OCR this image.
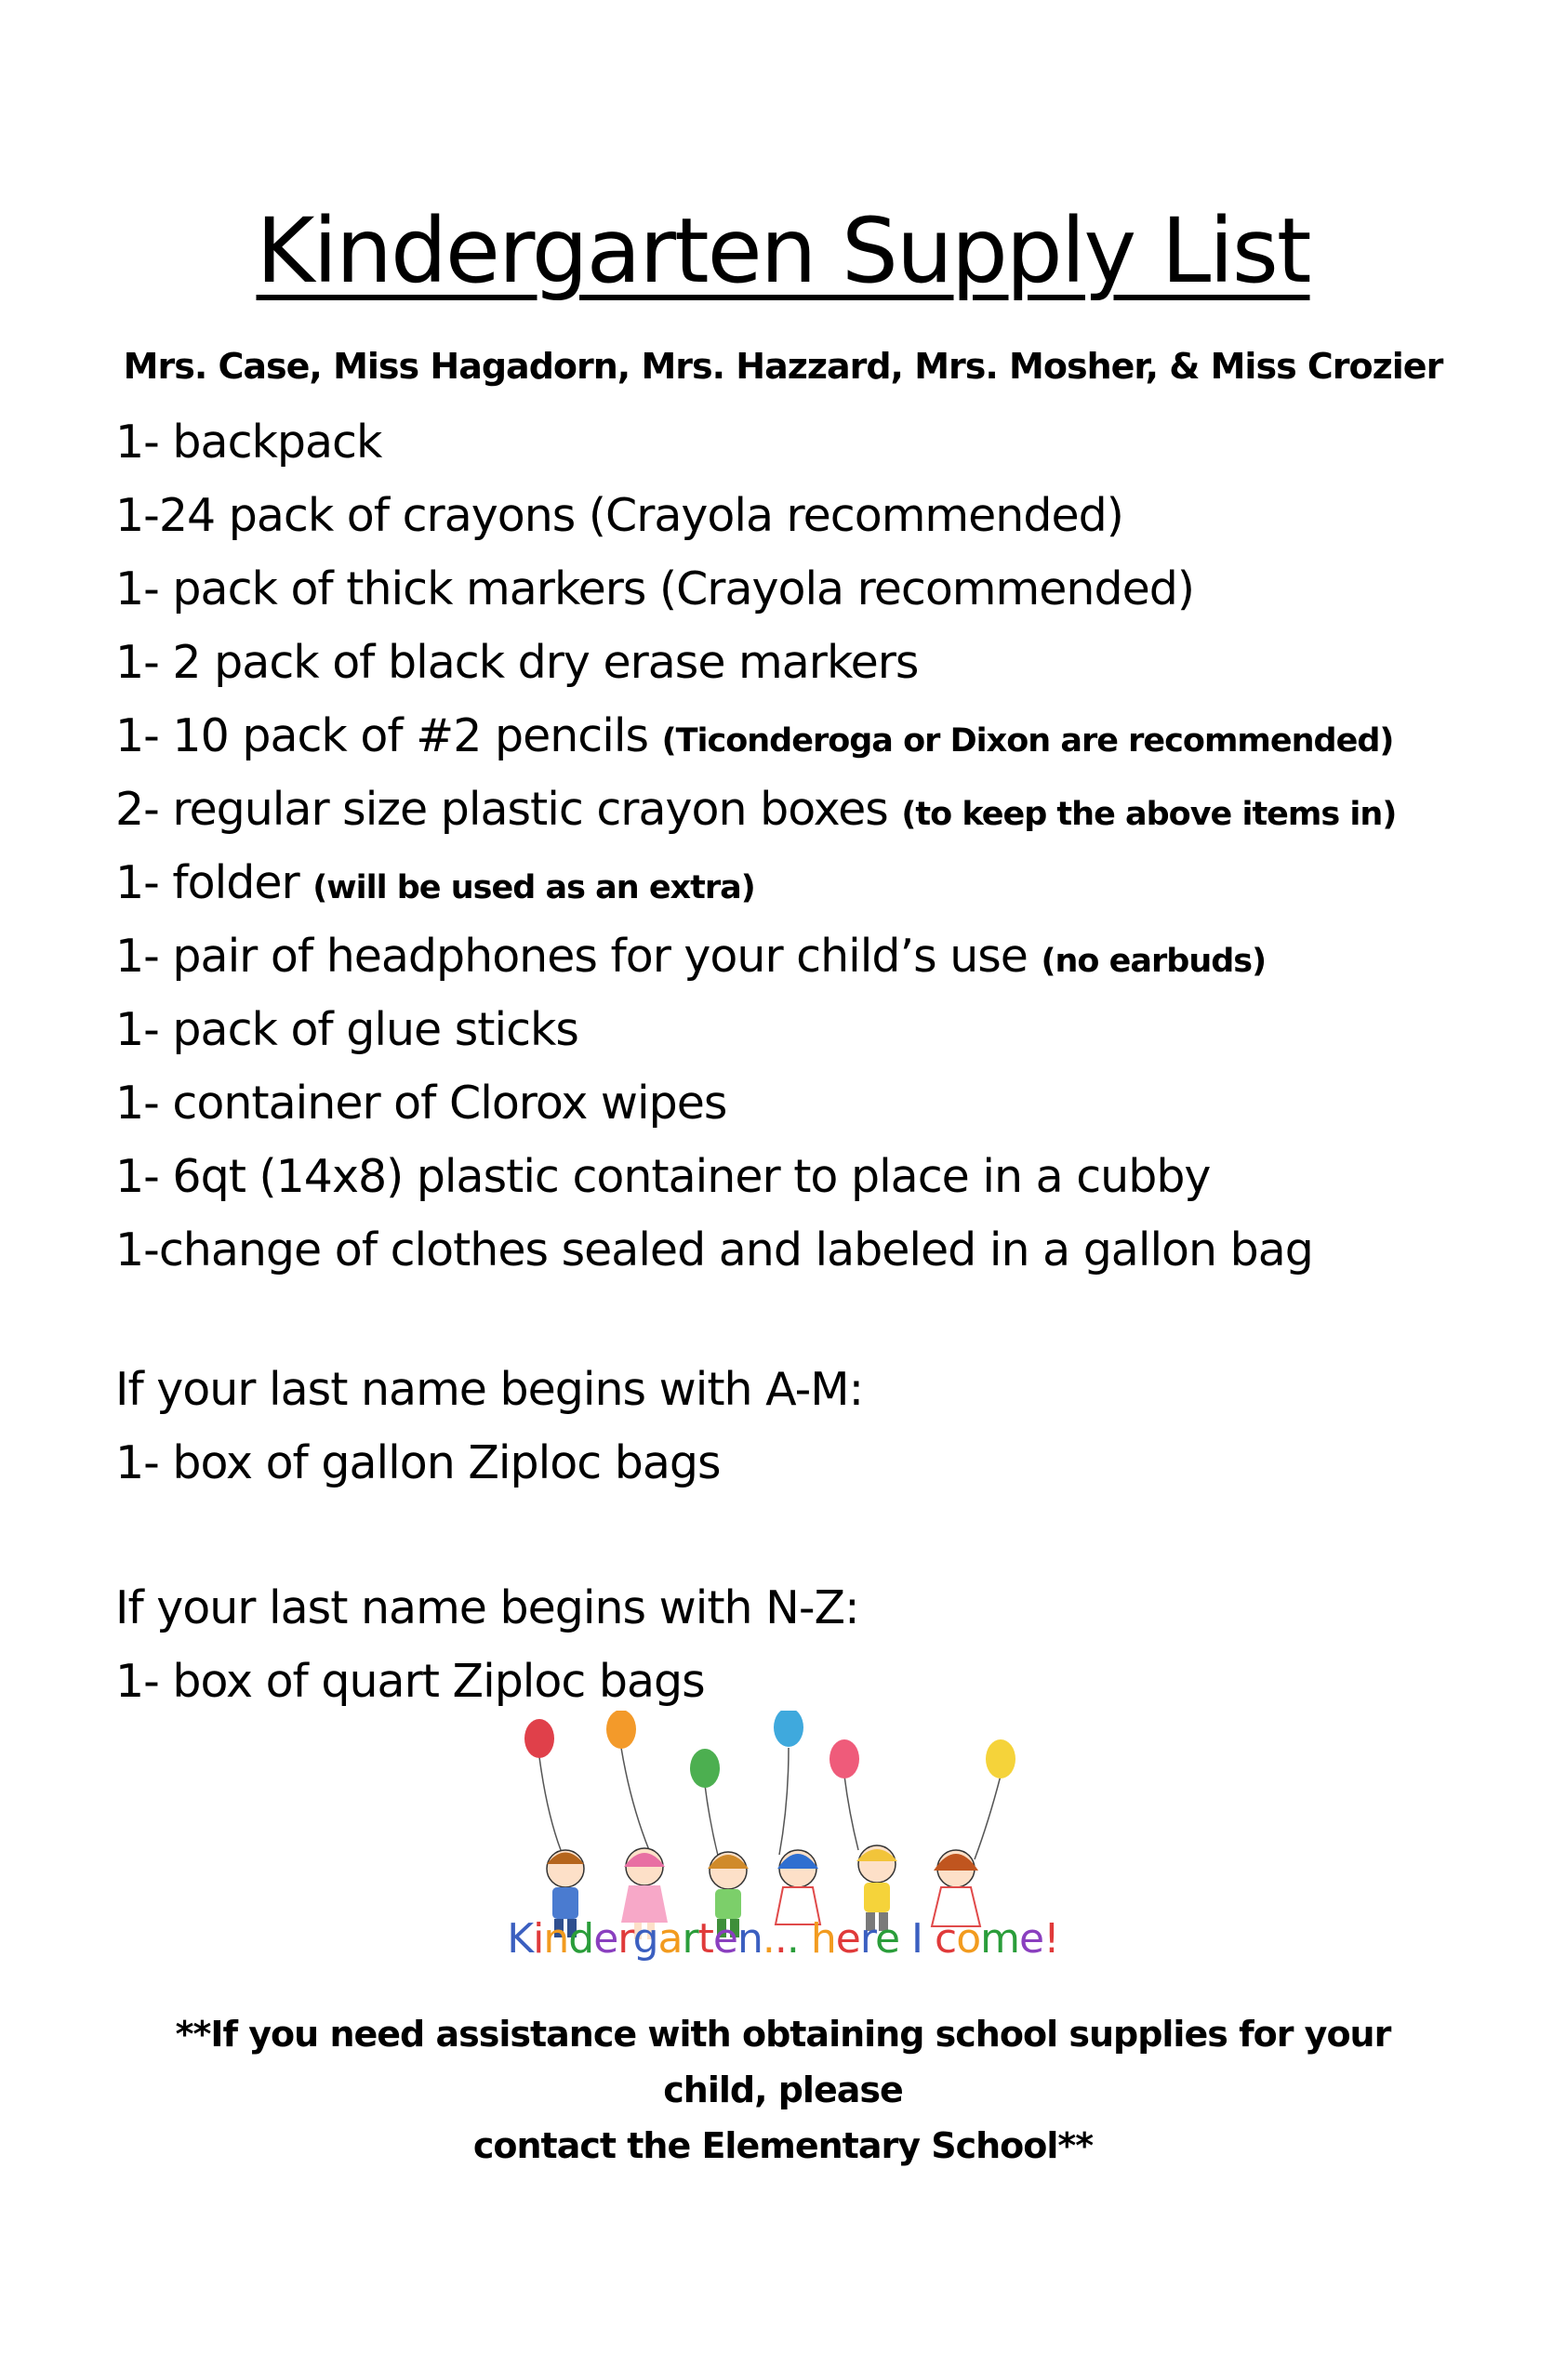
Kindergarten Supply List
Mrs. Case, Miss Hagadorn, Mrs. Hazzard, Mrs. Mosher, & Miss Crozier
1- backpack
1-24 pack of crayons (Crayola recommended)
1- pack of thick markers (Crayola recommended)
1- 2 pack of black dry erase markers
1- 10 pack of #2 pencils (Ticonderoga or Dixon are recommended)
2- regular size plastic crayon boxes (to keep the above items in)
1- folder (will be used as an extra)
1- pair of headphones for your child’s use (no earbuds)
1- pack of glue sticks
1- container of Clorox wipes
1- 6qt (14x8) plastic container to place in a cubby
1-change of clothes sealed and labeled in a gallon bag
If your last name begins with A-M:
1- box of gallon Ziploc bags
If your last name begins with N-Z:
1- box of quart Ziploc bags
Kindergarten... here I come!
**If you need assistance with obtaining school supplies for your child, please
contact the Elementary School**
